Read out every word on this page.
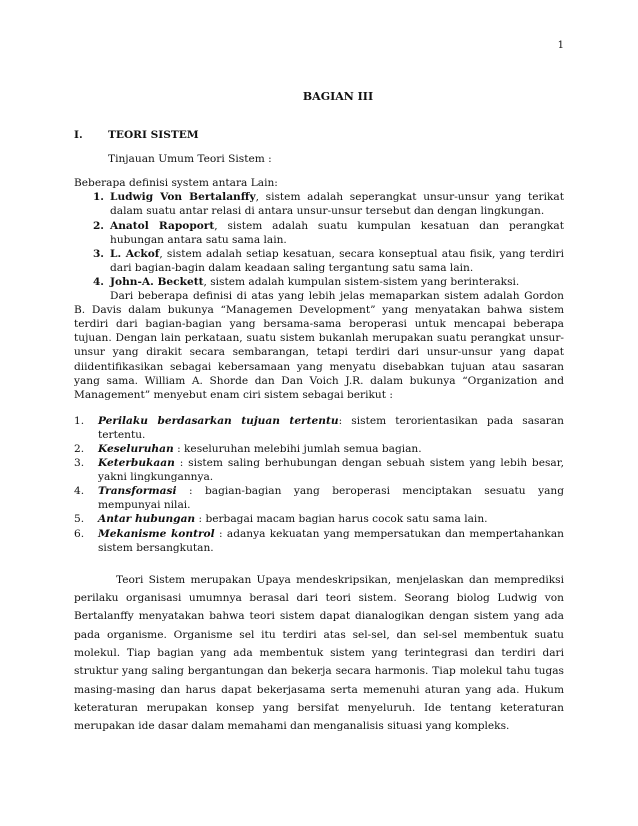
1
BAGIAN III
I.	TEORI SISTEM
Tinjauan Umum Teori Sistem :
Beberapa definisi system antara Lain:
1. Ludwig Von Bertalanffy, sistem adalah seperangkat unsur-unsur yang terikat dalam suatu antar relasi di antara unsur-unsur tersebut dan dengan lingkungan.
2. Anatol Rapoport, sistem adalah suatu kumpulan kesatuan dan perangkat hubungan antara satu sama lain.
3. L. Ackof, sistem adalah setiap kesatuan, secara konseptual atau fisik, yang terdiri dari bagian-bagin dalam keadaan saling tergantung satu sama lain.
4. John-A. Beckett, sistem adalah kumpulan sistem-sistem yang berinteraksi.

Dari beberapa definisi di atas yang lebih jelas memaparkan sistem adalah Gordon B. Davis dalam bukunya “Managemen Development” yang menyatakan bahwa sistem terdiri dari bagian-bagian yang bersama-sama beroperasi untuk mencapai beberapa tujuan. Dengan lain perkataan, suatu sistem bukanlah merupakan suatu perangkat unsur-unsur yang dirakit secara sembarangan, tetapi terdiri dari unsur-unsur yang dapat diidentifikasikan sebagai kebersamaan yang menyatu disebabkan tujuan atau sasaran yang sama. William A. Shorde dan Dan Voich J.R. dalam bukunya “Organization and Management” menyebut enam ciri sistem sebagai berikut :

1.	Perilaku berdasarkan tujuan tertentu: sistem terorientasikan pada sasaran tertentu.
2.	Keseluruhan : keseluruhan melebihi jumlah semua bagian.
3.	Keterbukaan : sistem saling berhubungan dengan sebuah sistem yang lebih besar, yakni lingkungannya.
4.	Transformasi : bagian-bagian yang beroperasi menciptakan sesuatu yang mempunyai nilai.
5.	Antar hubungan : berbagai macam bagian harus cocok satu sama lain.
6.	Mekanisme kontrol : adanya kekuatan yang mempersatukan dan mempertahankan sistem bersangkutan.

Teori Sistem merupakan Upaya mendeskripsikan, menjelaskan dan memprediksi perilaku organisasi umumnya berasal dari teori sistem. Seorang biolog Ludwig von Bertalanffy menyatakan bahwa teori sistem dapat dianalogikan dengan sistem yang ada pada organisme. Organisme sel itu terdiri atas sel-sel, dan sel-sel membentuk suatu molekul. Tiap bagian yang ada membentuk sistem yang terintegrasi dan terdiri dari struktur yang saling bergantungan dan bekerja secara harmonis. Tiap molekul tahu tugas masing-masing dan harus dapat bekerjasama serta memenuhi aturan yang ada. Hukum keteraturan merupakan konsep yang bersifat menyeluruh. Ide tentang keteraturan merupakan ide dasar dalam memahami dan menganalisis situasi yang kompleks.
